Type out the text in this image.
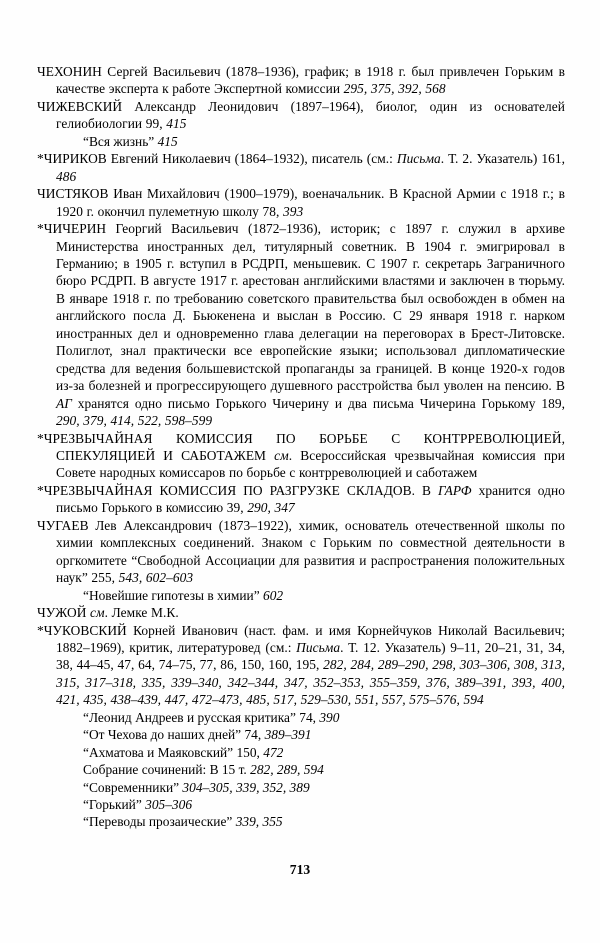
ЧЕХОНИН Сергей Васильевич (1878–1936), график; в 1918 г. был привлечен Горьким в качестве эксперта к работе Экспертной комиссии 295, 375, 392, 568

ЧИЖЕВСКИЙ Александр Леонидович (1897–1964), биолог, один из основателей гелиобиологии 99, 415

“Вся жизнь” 415

*ЧИРИКОВ Евгений Николаевич (1864–1932), писатель (см.: Письма. Т. 2. Указатель) 161, 486

ЧИСТЯКОВ Иван Михайлович (1900–1979), военачальник. В Красной Армии с 1918 г.; в 1920 г. окончил пулеметную школу 78, 393

*ЧИЧЕРИН Георгий Васильевич (1872–1936), историк; с 1897 г. служил в архиве Министерства иностранных дел, титулярный советник. В 1904 г. эмигрировал в Германию; в 1905 г. вступил в РСДРП, меньшевик. С 1907 г. секретарь Заграничного бюро РСДРП. В августе 1917 г. арестован английскими властями и заключен в тюрьму. В январе 1918 г. по требованию советского правительства был освобожден в обмен на английского посла Д. Бьюкенена и выслан в Россию. С 29 января 1918 г. нарком иностранных дел и одновременно глава делегации на переговорах в Брест-Литовске. Полиглот, знал практически все европейские языки; использовал дипломатические средства для ведения большевистской пропаганды за границей. В конце 1920-х годов из-за болезней и прогрессирующего душевного расстройства был уволен на пенсию. В АГ хранятся одно письмо Горького Чичерину и два письма Чичерина Горькому 189, 290, 379, 414, 522, 598–599

*ЧРЕЗВЫЧАЙНАЯ КОМИССИЯ ПО БОРЬБЕ С КОНТРРЕВОЛЮЦИЕЙ, СПЕКУЛЯЦИЕЙ И САБОТАЖЕМ см. Всероссийская чрезвычайная комиссия при Совете народных комиссаров по борьбе с контрреволюцией и саботажем

*ЧРЕЗВЫЧАЙНАЯ КОМИССИЯ ПО РАЗГРУЗКЕ СКЛАДОВ. В ГАРФ хранится одно письмо Горького в комиссию 39, 290, 347

ЧУГАЕВ Лев Александрович (1873–1922), химик, основатель отечественной школы по химии комплексных соединений. Знаком с Горьким по совместной деятельности в оргкомитете “Свободной Ассоциации для развития и распространения положительных наук” 255, 543, 602–603

“Новейшие гипотезы в химии” 602

ЧУЖОЙ см. Лемке М.К.

*ЧУКОВСКИЙ Корней Иванович (наст. фам. и имя Корнейчуков Николай Васильевич; 1882–1969), критик, литературовед (см.: Письма. Т. 12. Указатель) 9–11, 20–21, 31, 34, 38, 44–45, 47, 64, 74–75, 77, 86, 150, 160, 195, 282, 284, 289–290, 298, 303–306, 308, 313, 315, 317–318, 335, 339–340, 342–344, 347, 352–353, 355–359, 376, 389–391, 393, 400, 421, 435, 438–439, 447, 472–473, 485, 517, 529–530, 551, 557, 575–576, 594

“Леонид Андреев и русская критика” 74, 390

“От Чехова до наших дней” 74, 389–391

“Ахматова и Маяковский” 150, 472

Собрание сочинений: В 15 т. 282, 289, 594

“Современники” 304–305, 339, 352, 389

“Горький” 305–306

“Переводы прозаические” 339, 355

713
